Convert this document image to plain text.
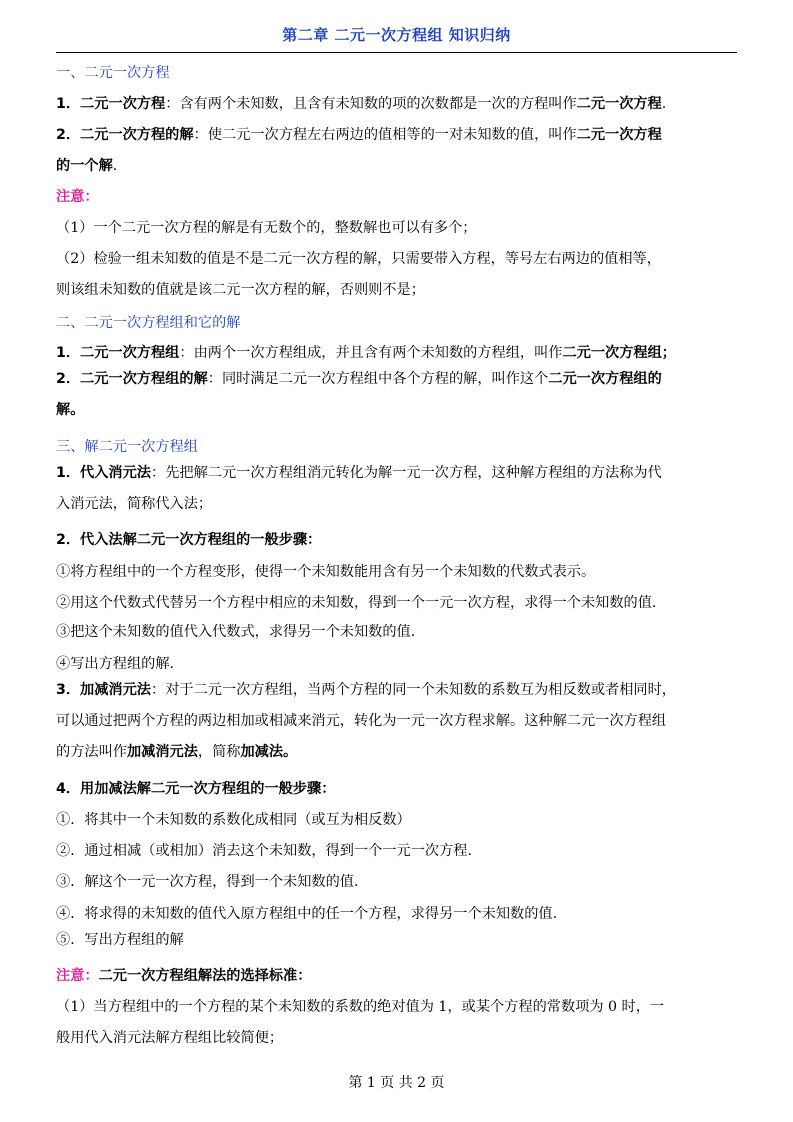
第二章 二元一次方程组 知识归纳
一、二元一次方程
1．二元一次方程：含有两个未知数，且含有未知数的项的次数都是一次的方程叫作二元一次方程.
2．二元一次方程的解：使二元一次方程左右两边的值相等的一对未知数的值，叫作二元一次方程
的一个解.
注意：
（1）一个二元一次方程的解是有无数个的，整数解也可以有多个；
（2）检验一组未知数的值是不是二元一次方程的解，只需要带入方程，等号左右两边的值相等，
则该组未知数的值就是该二元一次方程的解，否则则不是；
二、二元一次方程组和它的解
1．二元一次方程组：由两个一次方程组成，并且含有两个未知数的方程组，叫作二元一次方程组；
2．二元一次方程组的解：同时满足二元一次方程组中各个方程的解，叫作这个二元一次方程组的
解。
三、解二元一次方程组
1．代入消元法：先把解二元一次方程组消元转化为解一元一次方程，这种解方程组的方法称为代
入消元法，简称代入法；
2．代入法解二元一次方程组的一般步骤：
①将方程组中的一个方程变形，使得一个未知数能用含有另一个未知数的代数式表示。
②用这个代数式代替另一个方程中相应的未知数，得到一个一元一次方程，求得一个未知数的值.
③把这个未知数的值代入代数式，求得另一个未知数的值.
④写出方程组的解.
3．加减消元法：对于二元一次方程组，当两个方程的同一个未知数的系数互为相反数或者相同时，
可以通过把两个方程的两边相加或相减来消元，转化为一元一次方程求解。这种解二元一次方程组
的方法叫作加减消元法，简称加减法。
4．用加减法解二元一次方程组的一般步骤：
①．将其中一个未知数的系数化成相同（或互为相反数）
②．通过相减（或相加）消去这个未知数，得到一个一元一次方程.
③．解这个一元一次方程，得到一个未知数的值.
④．将求得的未知数的值代入原方程组中的任一个方程，求得另一个未知数的值.
⑤．写出方程组的解
注意：二元一次方程组解法的选择标准：
（1）当方程组中的一个方程的某个未知数的系数的绝对值为 1，或某个方程的常数项为 0 时，一
般用代入消元法解方程组比较简便；
第 1 页 共 2 页
